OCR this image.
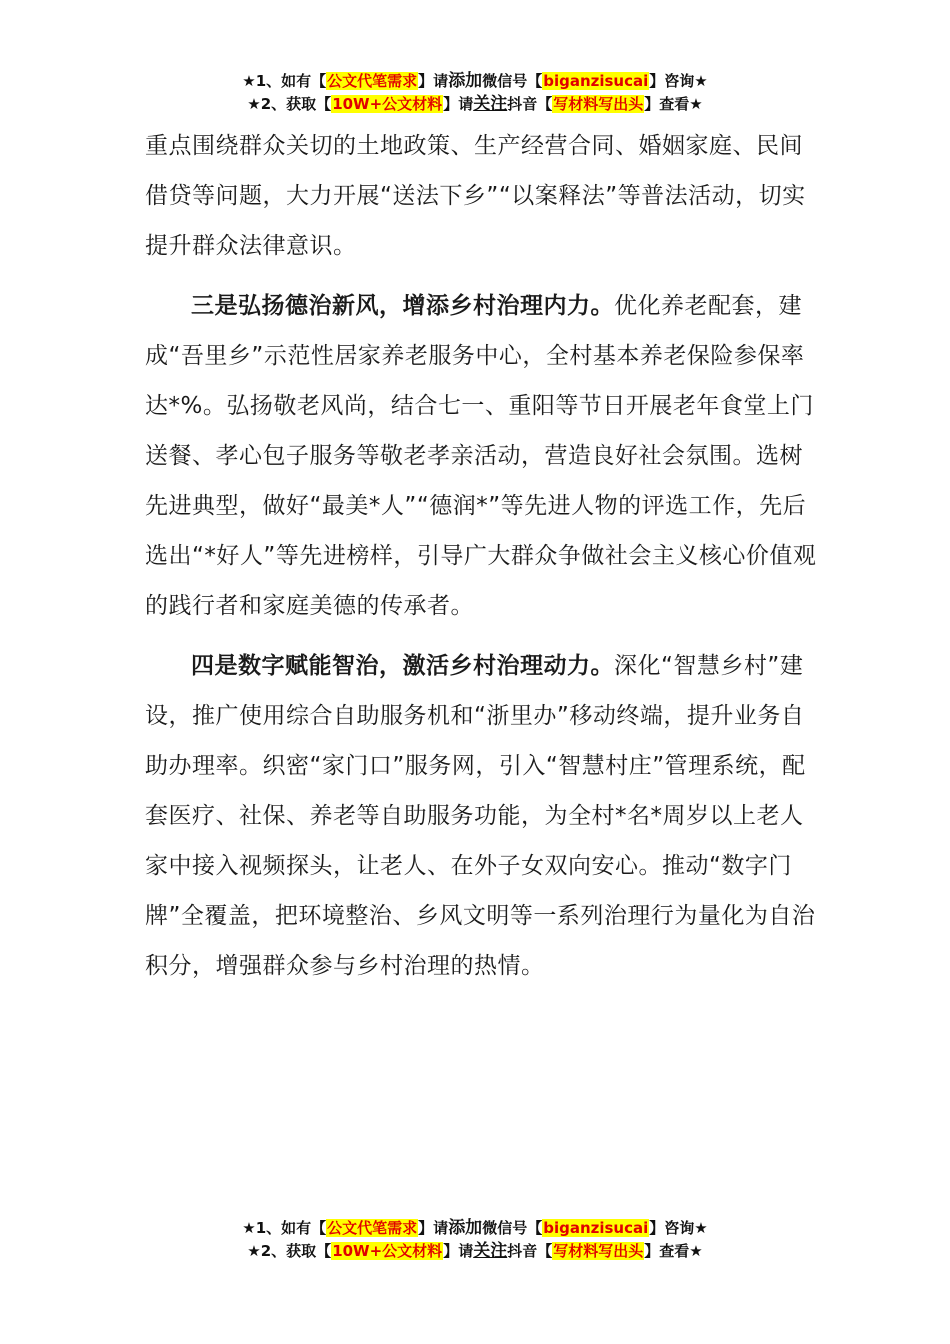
★1、如有【公文代笔需求】请添加微信号【biganzisucai】咨询★
★2、获取【10W+公文材料】请关注抖音【写材料写出头】查看★

重点围绕群众关切的土地政策、生产经营合同、婚姻家庭、民间借贷等问题，大力开展“送法下乡”“以案释法”等普法活动，切实提升群众法律意识。

三是弘扬德治新风，增添乡村治理内力。优化养老配套，建成“吾里乡”示范性居家养老服务中心，全村基本养老保险参保率达*%。弘扬敬老风尚，结合七一、重阳等节日开展老年食堂上门送餐、孝心包子服务等敬老孝亲活动，营造良好社会氛围。选树先进典型，做好“最美*人”“德润*”等先进人物的评选工作，先后选出“*好人”等先进榜样，引导广大群众争做社会主义核心价值观的践行者和家庭美德的传承者。

四是数字赋能智治，激活乡村治理动力。深化“智慧乡村”建设，推广使用综合自助服务机和“浙里办”移动终端，提升业务自助办理率。织密“家门口”服务网，引入“智慧村庄”管理系统，配套医疗、社保、养老等自助服务功能，为全村*名*周岁以上老人家中接入视频探头，让老人、在外子女双向安心。推动“数字门牌”全覆盖，把环境整治、乡风文明等一系列治理行为量化为自治积分，增强群众参与乡村治理的热情。

★1、如有【公文代笔需求】请添加微信号【biganzisucai】咨询★
★2、获取【10W+公文材料】请关注抖音【写材料写出头】查看★
